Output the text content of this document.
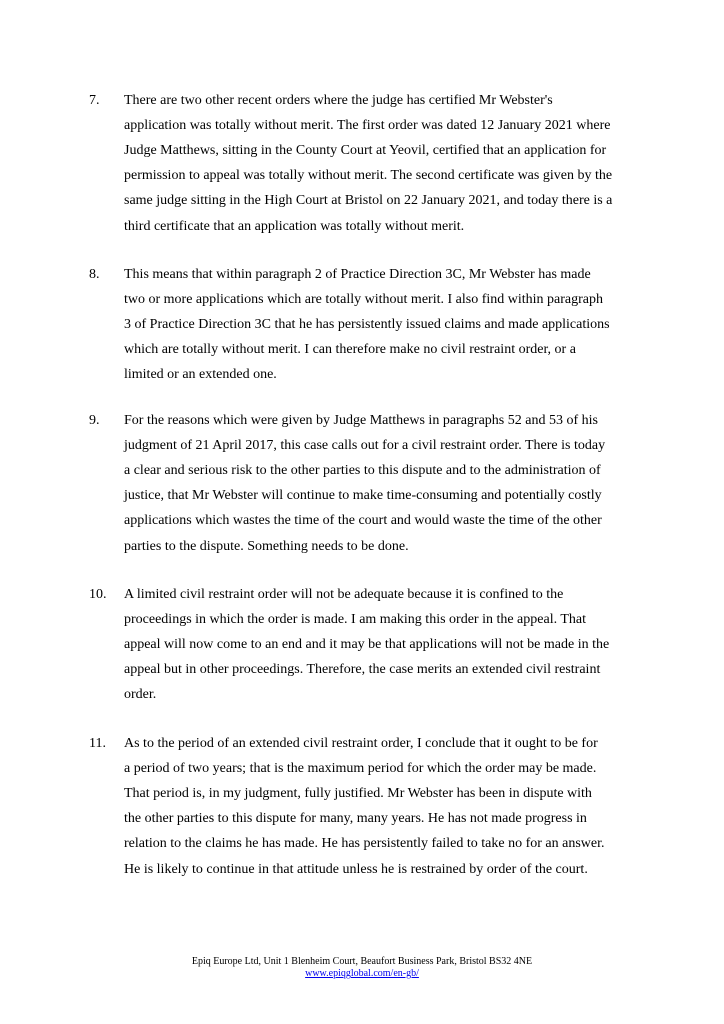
7. There are two other recent orders where the judge has certified Mr Webster's
application was totally without merit. The first order was dated 12 January 2021 where
Judge Matthews, sitting in the County Court at Yeovil, certified that an application for
permission to appeal was totally without merit. The second certificate was given by the
same judge sitting in the High Court at Bristol on 22 January 2021, and today there is a
third certificate that an application was totally without merit.
8. This means that within paragraph 2 of Practice Direction 3C, Mr Webster has made
two or more applications which are totally without merit. I also find within paragraph
3 of Practice Direction 3C that he has persistently issued claims and made applications
which are totally without merit. I can therefore make no civil restraint order, or a
limited or an extended one.
9. For the reasons which were given by Judge Matthews in paragraphs 52 and 53 of his
judgment of 21 April 2017, this case calls out for a civil restraint order. There is today
a clear and serious risk to the other parties to this dispute and to the administration of
justice, that Mr Webster will continue to make time-consuming and potentially costly
applications which wastes the time of the court and would waste the time of the other
parties to the dispute. Something needs to be done.
10. A limited civil restraint order will not be adequate because it is confined to the
proceedings in which the order is made. I am making this order in the appeal. That
appeal will now come to an end and it may be that applications will not be made in the
appeal but in other proceedings. Therefore, the case merits an extended civil restraint
order.
11. As to the period of an extended civil restraint order, I conclude that it ought to be for
a period of two years; that is the maximum period for which the order may be made.
That period is, in my judgment, fully justified. Mr Webster has been in dispute with
the other parties to this dispute for many, many years. He has not made progress in
relation to the claims he has made. He has persistently failed to take no for an answer.
He is likely to continue in that attitude unless he is restrained by order of the court.
Epiq Europe Ltd, Unit 1 Blenheim Court, Beaufort Business Park, Bristol BS32 4NE
www.epiqglobal.com/en-gb/
